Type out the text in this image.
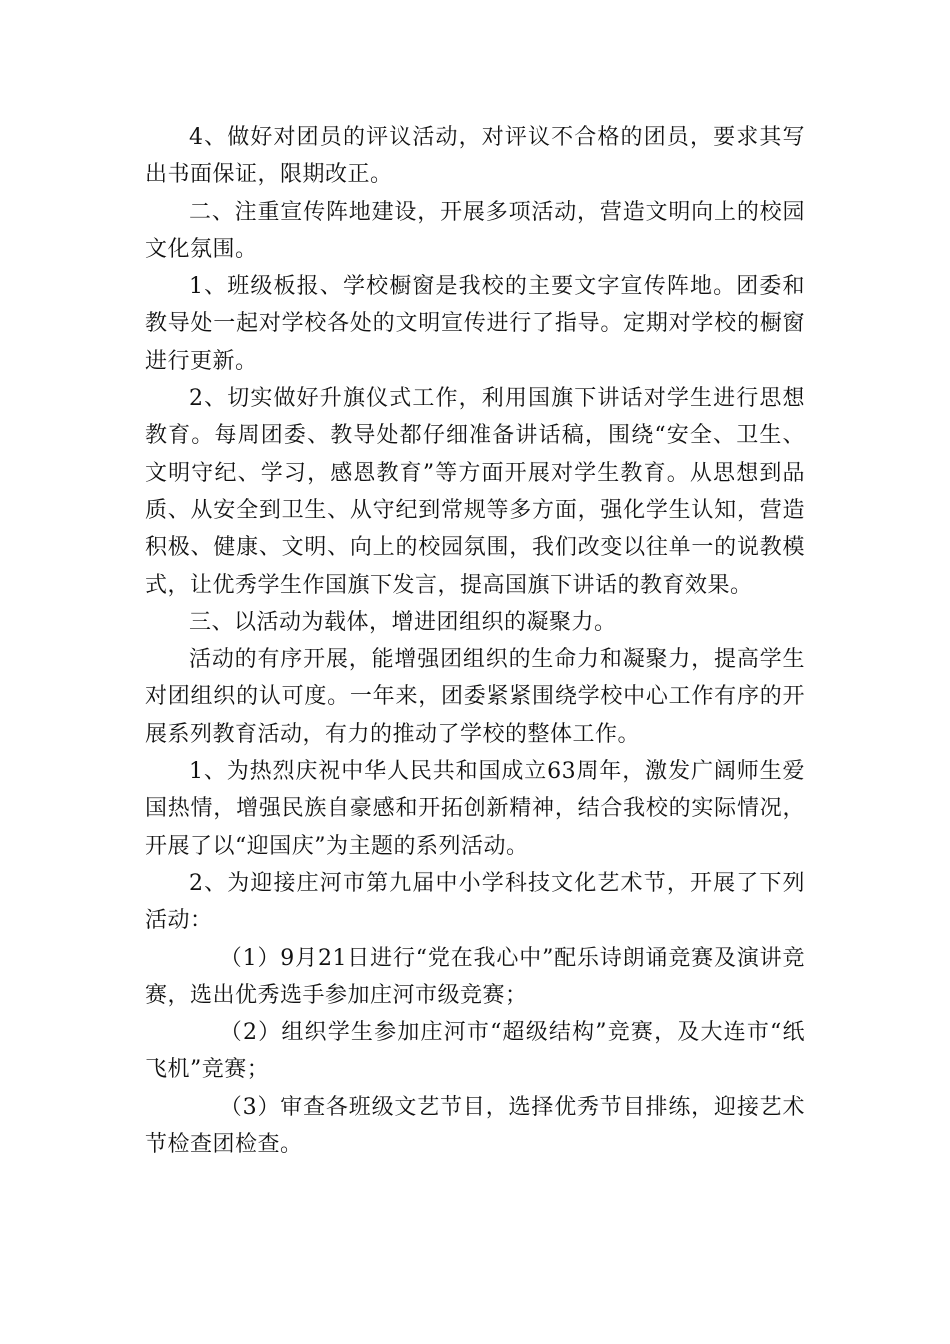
4、做好对团员的评议活动，对评议不合格的团员，要求其写出书面保证，限期改正。

二、注重宣传阵地建设，开展多项活动，营造文明向上的校园文化氛围。

1、班级板报、学校橱窗是我校的主要文字宣传阵地。团委和教导处一起对学校各处的文明宣传进行了指导。定期对学校的橱窗进行更新。

2、切实做好升旗仪式工作，利用国旗下讲话对学生进行思想教育。每周团委、教导处都仔细准备讲话稿，围绕“安全、卫生、文明守纪、学习，感恩教育”等方面开展对学生教育。从思想到品质、从安全到卫生、从守纪到常规等多方面，强化学生认知，营造积极、健康、文明、向上的校园氛围，我们改变以往单一的说教模式，让优秀学生作国旗下发言，提高国旗下讲话的教育效果。

三、以活动为载体，增进团组织的凝聚力。

活动的有序开展，能增强团组织的生命力和凝聚力，提高学生对团组织的认可度。一年来，团委紧紧围绕学校中心工作有序的开展系列教育活动，有力的推动了学校的整体工作。

1、为热烈庆祝中华人民共和国成立63周年，激发广阔师生爱国热情，增强民族自豪感和开拓创新精神，结合我校的实际情况，开展了以“迎国庆”为主题的系列活动。

2、为迎接庄河市第九届中小学科技文化艺术节，开展了下列活动：

（1）9月21日进行“党在我心中”配乐诗朗诵竞赛及演讲竞赛，选出优秀选手参加庄河市级竞赛；

（2）组织学生参加庄河市“超级结构”竞赛，及大连市“纸飞机”竞赛；

（3）审查各班级文艺节目，选择优秀节目排练，迎接艺术节检查团检查。
